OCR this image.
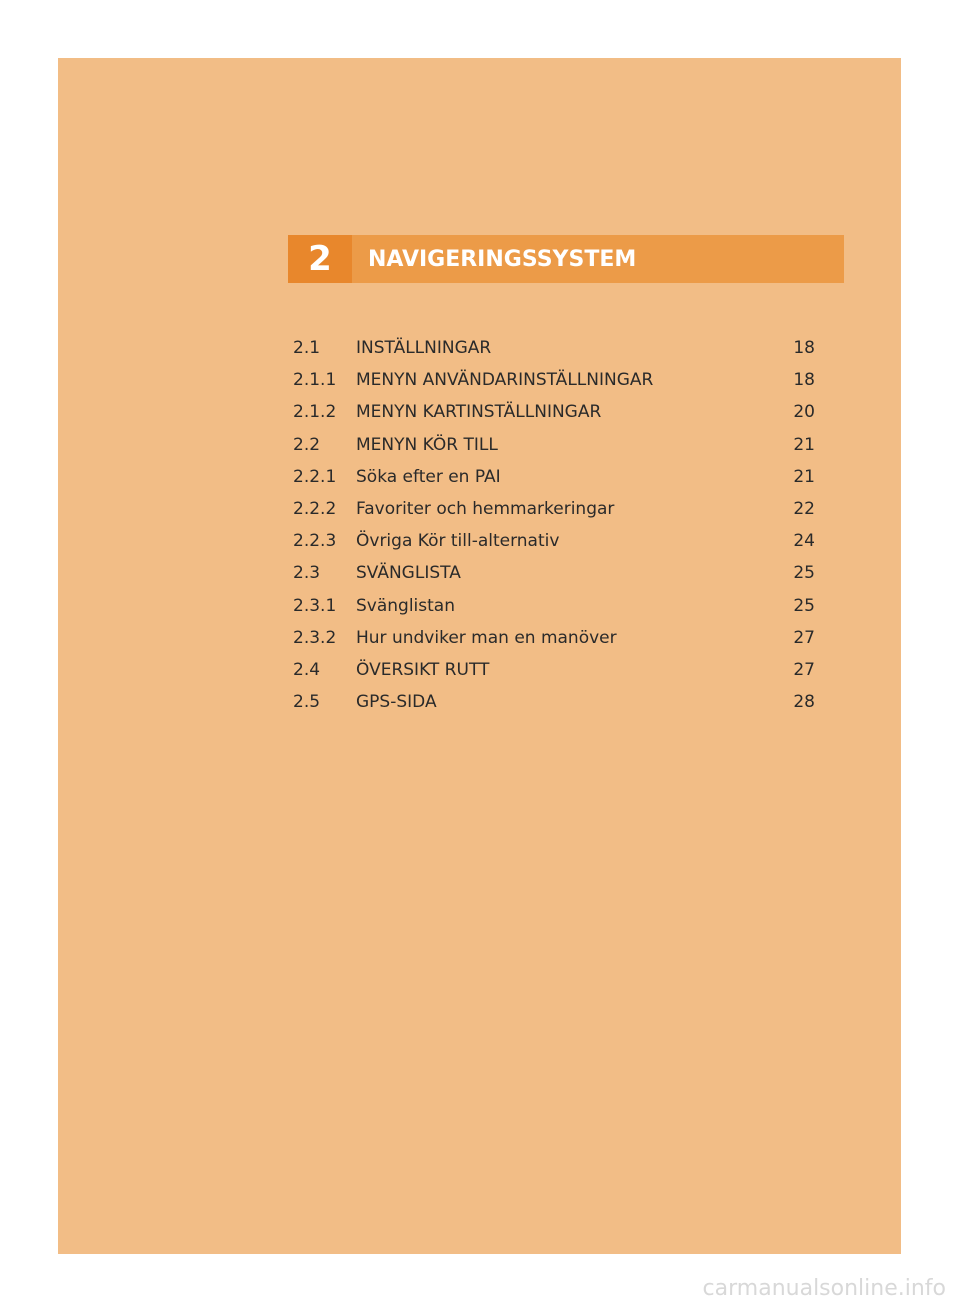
2	NAVIGERINGSSYSTEM
2.1	INSTÄLLNINGAR	18
2.1.1	MENYN ANVÄNDARINSTÄLLNINGAR	18
2.1.2	MENYN KARTINSTÄLLNINGAR	20
2.2	MENYN KÖR TILL	21
2.2.1	Söka efter en PAI	21
2.2.2	Favoriter och hemmarkeringar	22
2.2.3	Övriga Kör till-alternativ	24
2.3	SVÄNGLISTA	25
2.3.1	Svänglistan	25
2.3.2	Hur undviker man en manöver	27
2.4	ÖVERSIKT RUTT	27
2.5	GPS-SIDA	28
carmanualsonline.info
